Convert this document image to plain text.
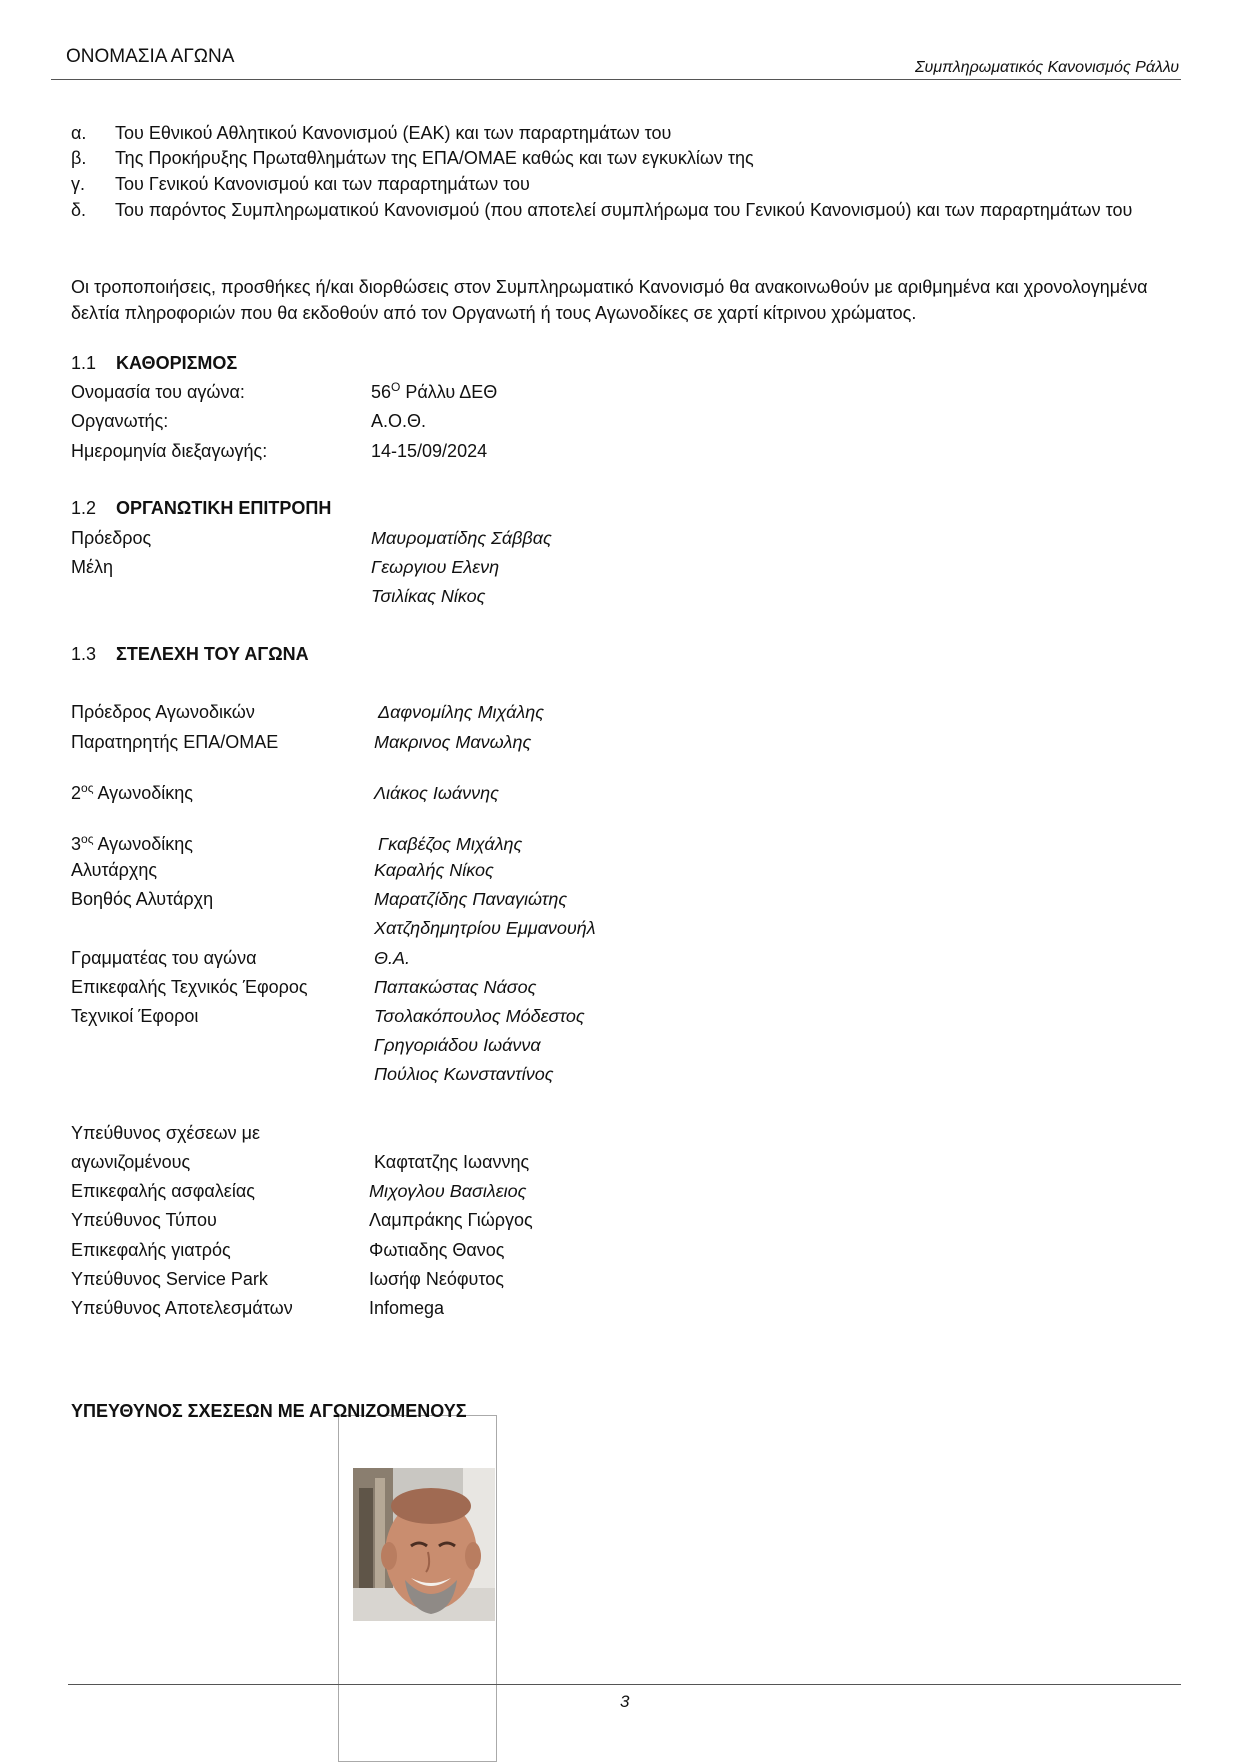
ΟΝΟΜΑΣΙΑ ΑΓΩΝΑ
Συμπληρωματικός Κανονισμός Ράλλυ
α. Του Εθνικού Αθλητικού Κανονισμού (ΕΑΚ) και των παραρτημάτων του
β. Της Προκήρυξης Πρωταθλημάτων της ΕΠΑ/ΟΜΑΕ καθώς και των εγκυκλίων της
γ. Του Γενικού Κανονισμού και των παραρτημάτων του
δ. Του παρόντος Συμπληρωματικού Κανονισμού (που αποτελεί συμπλήρωμα του Γενικού Κανονισμού) και των παραρτημάτων του
Οι τροποποιήσεις, προσθήκες ή/και διορθώσεις στον Συμπληρωματικό Κανονισμό θα ανακοινωθούν με αριθμημένα και χρονολογημένα δελτία πληροφοριών που θα εκδοθούν από τον Οργανωτή ή τους Αγωνοδίκες σε χαρτί κίτρινου χρώματος.
1.1 ΚΑΘΟΡΙΣΜΟΣ
Ονομασία του αγώνα:	$56^O$ Ράλλυ ΔΕΘ
Οργανωτής:	Α.Ο.Θ.
Ημερομηνία διεξαγωγής:	14-15/09/2024
1.2 ΟΡΓΑΝΩΤΙΚΗ ΕΠΙΤΡΟΠΗ
Πρόεδρος	Μαυροματίδης Σάββας
Μέλη	Γεωργιου Ελενη
Τσιλίκας Νίκος
1.3 ΣΤΕΛΕΧΗ ΤΟΥ ΑΓΩΝΑ
Πρόεδρος Αγωνοδικών	Δαφνομίλης Μιχάλης
Παρατηρητής ΕΠΑ/ΟΜΑΕ	Μακρινος Μανωλης
$2^{o\varsigma}$ Αγωνοδίκης	Λιάκος Ιωάννης
$3^{o\varsigma}$ Αγωνοδίκης	Γκαβέζος Μιχάλης
Αλυτάρχης	Καραλής Νίκος
Βοηθός Αλυτάρχη	Μαρατζίδης Παναγιώτης
Χατζηδημητρίου Εμμανουήλ
Γραμματέας του αγώνα	Θ.Α.
Επικεφαλής Τεχνικός Έφορος	Παπακώστας Νάσος
Τεχνικοί Έφοροι	Τσολακόπουλος Μόδεστος
Γρηγοριάδου Ιωάννα
Πούλιος Κωνσταντίνος
Υπεύθυνος σχέσεων με
αγωνιζομένους	Καφτατζης Ιωαννης
Επικεφαλής ασφαλείας	Μιχογλου Βασιλειος
Υπεύθυνος Τύπου	Λαμπράκης Γιώργος
Επικεφαλής γιατρός	Φωτιαδης Θανος
Υπεύθυνος Service Park	Ιωσήφ Νεόφυτος
Υπεύθυνος Αποτελεσμάτων	Infomega
ΥΠΕΥΘΥΝΟΣ ΣΧΕΣΕΩΝ ΜΕ ΑΓΩΝΙΖΟΜΕΝΟΥΣ
3
